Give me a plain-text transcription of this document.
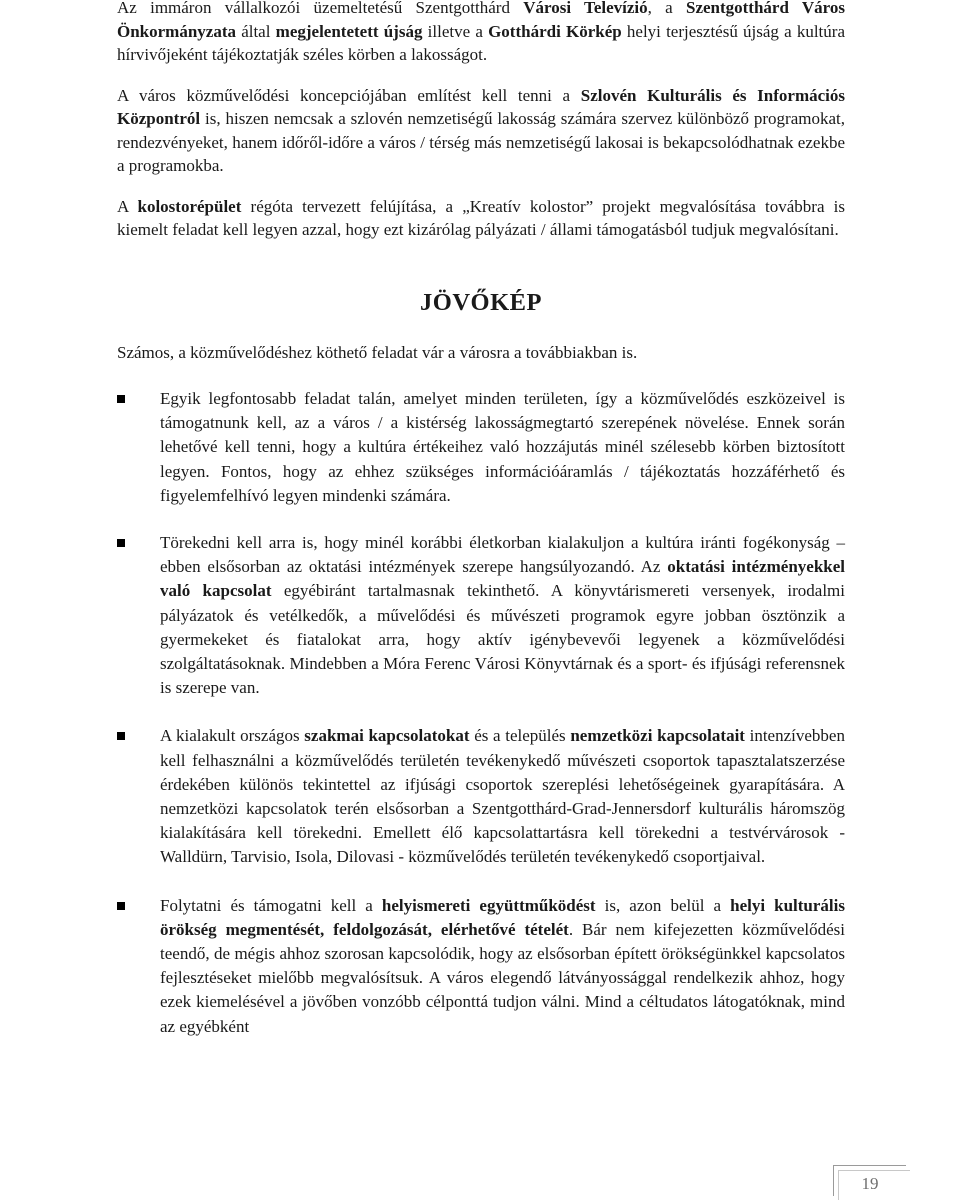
Az immáron vállalkozói üzemeltetésű Szentgotthárd Városi Televízió, a Szentgotthárd Város Önkormányzata által megjelentetett újság illetve a Gotthárdi Körkép helyi terjesztésű újság a kultúra hírvivőjeként tájékoztatják széles körben a lakosságot.

A város közművelődési koncepciójában említést kell tenni a Szlovén Kulturális és Információs Központról is, hiszen nemcsak a szlovén nemzetiségű lakosság számára szervez különböző programokat, rendezvényeket, hanem időről-időre a város / térség más nemzetiségű lakosai is bekapcsolódhatnak ezekbe a programokba.

A kolostorépület régóta tervezett felújítása, a „Kreatív kolostor” projekt megvalósítása továbbra is kiemelt feladat kell legyen azzal, hogy ezt kizárólag pályázati / állami támogatásból tudjuk megvalósítani.

JÖVŐKÉP

Számos, a közművelődéshez köthető feladat vár a városra a továbbiakban is.

Egyik legfontosabb feladat talán, amelyet minden területen, így a közművelődés eszközeivel is támogatnunk kell, az a város / a kistérség lakosságmegtartó szerepének növelése. Ennek során lehetővé kell tenni, hogy a kultúra értékeihez való hozzájutás minél szélesebb körben biztosított legyen. Fontos, hogy az ehhez szükséges információáramlás / tájékoztatás hozzáférhető és figyelemfelhívó legyen mindenki számára.
Törekedni kell arra is, hogy minél korábbi életkorban kialakuljon a kultúra iránti fogékonyság – ebben elsősorban az oktatási intézmények szerepe hangsúlyozandó. Az oktatási intézményekkel való kapcsolat egyébiránt tartalmasnak tekinthető. A könyvtárismereti versenyek, irodalmi pályázatok és vetélkedők, a művelődési és művészeti programok egyre jobban ösztönzik a gyermekeket és fiatalokat arra, hogy aktív igénybevevői legyenek a közművelődési szolgáltatásoknak. Mindebben a Móra Ferenc Városi Könyvtárnak és a sport- és ifjúsági referensnek is szerepe van.
A kialakult országos szakmai kapcsolatokat és a település nemzetközi kapcsolatait intenzívebben kell felhasználni a közművelődés területén tevékenykedő művészeti csoportok tapasztalatszerzése érdekében különös tekintettel az ifjúsági csoportok szereplési lehetőségeinek gyarapítására. A nemzetközi kapcsolatok terén elsősorban a Szentgotthárd-Grad-Jennersdorf kulturális háromszög kialakítására kell törekedni. Emellett élő kapcsolattartásra kell törekedni a testvérvárosok - Walldürn, Tarvisio, Isola, Dilovasi - közművelődés területén tevékenykedő csoportjaival.
Folytatni és támogatni kell a helyismereti együttműködést is, azon belül a helyi kulturális örökség megmentését, feldolgozását, elérhetővé tételét. Bár nem kifejezetten közművelődési teendő, de mégis ahhoz szorosan kapcsolódik, hogy az elsősorban épített örökségünkkel kapcsolatos fejlesztéseket mielőbb megvalósítsuk. A város elegendő látványossággal rendelkezik ahhoz, hogy ezek kiemelésével a jövőben vonzóbb célponttá tudjon válni. Mind a céltudatos látogatóknak, mind az egyébként
19
